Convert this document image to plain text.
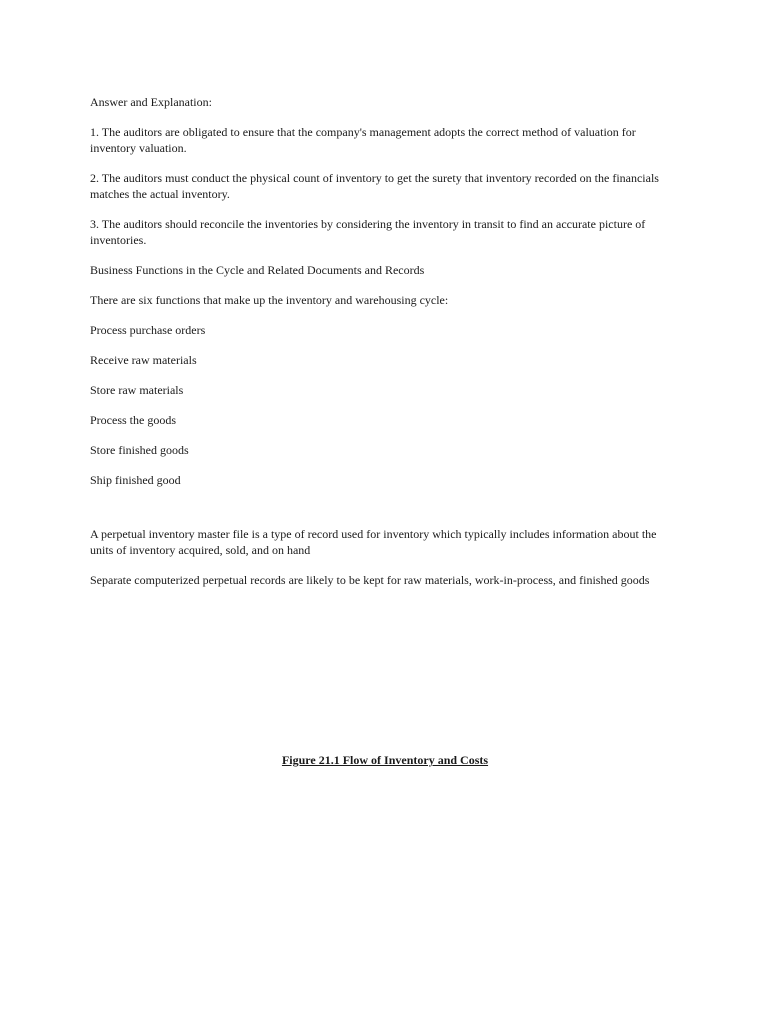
Answer and Explanation:

1. The auditors are obligated to ensure that the company's management adopts the correct method of valuation for inventory valuation.

2. The auditors must conduct the physical count of inventory to get the surety that inventory recorded on the financials matches the actual inventory.

3. The auditors should reconcile the inventories by considering the inventory in transit to find an accurate picture of inventories.

Business Functions in the Cycle and Related Documents and Records

There are six functions that make up the inventory and warehousing cycle:

Process purchase orders

Receive raw materials

Store raw materials

Process the goods

Store finished goods

Ship finished good

A perpetual inventory master file is a type of record used for inventory which typically includes information about the units of inventory acquired, sold, and on hand

Separate computerized perpetual records are likely to be kept for raw materials, work-in-process, and finished goods

Figure 21.1 Flow of Inventory and Costs
